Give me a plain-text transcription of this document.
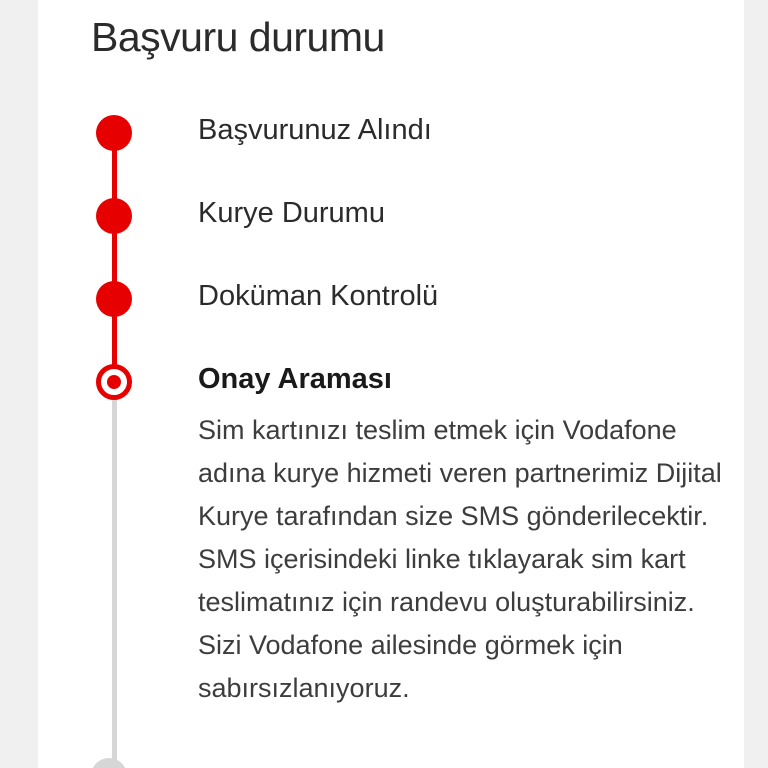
Başvuru durumu
Başvurunuz Alındı
Kurye Durumu
Doküman Kontrolü
Onay Araması
Sim kartınızı teslim etmek için Vodafone adına kurye hizmeti veren partnerimiz Dijital Kurye tarafından size SMS gönderilecektir. SMS içerisindeki linke tıklayarak sim kart teslimatınız için randevu oluşturabilirsiniz. Sizi Vodafone ailesinde görmek için sabırsızlanıyoruz.
